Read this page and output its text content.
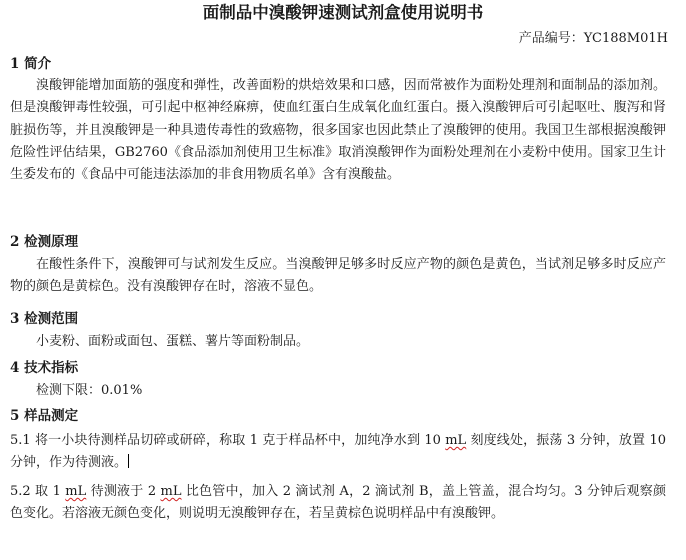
面制品中溴酸钾速测试剂盒使用说明书
产品编号：YC188M01H
1 简介

溴酸钾能增加面筋的强度和弹性，改善面粉的烘焙效果和口感，因而常被作为面粉处理剂和面制品的添加剂。但是溴酸钾毒性较强，可引起中枢神经麻痹，使血红蛋白生成氧化血红蛋白。摄入溴酸钾后可引起呕吐、腹泻和肾脏损伤等，并且溴酸钾是一种具遗传毒性的致癌物，很多国家也因此禁止了溴酸钾的使用。我国卫生部根据溴酸钾危险性评估结果，GB2760《食品添加剂使用卫生标准》取消溴酸钾作为面粉处理剂在小麦粉中使用。国家卫生计生委发布的《食品中可能违法添加的非食用物质名单》含有溴酸盐。

2 检测原理

在酸性条件下，溴酸钾可与试剂发生反应。当溴酸钾足够多时反应产物的颜色是黄色，当试剂足够多时反应产物的颜色是黄棕色。没有溴酸钾存在时，溶液不显色。

3 检测范围

小麦粉、面粉或面包、蛋糕、薯片等面粉制品。

4 技术指标

检测下限：0.01%

5 样品测定

5.1 将一小块待测样品切碎或研碎，称取 1 克于样品杯中，加纯净水到 10 mL 刻度线处，振荡 3 分钟，放置 10 分钟，作为待测液。

5.2 取 1 mL 待测液于 2 mL 比色管中，加入 2 滴试剂 A，2 滴试剂 B，盖上管盖，混合均匀。3 分钟后观察颜色变化。若溶液无颜色变化，则说明无溴酸钾存在，若呈黄棕色说明样品中有溴酸钾。
